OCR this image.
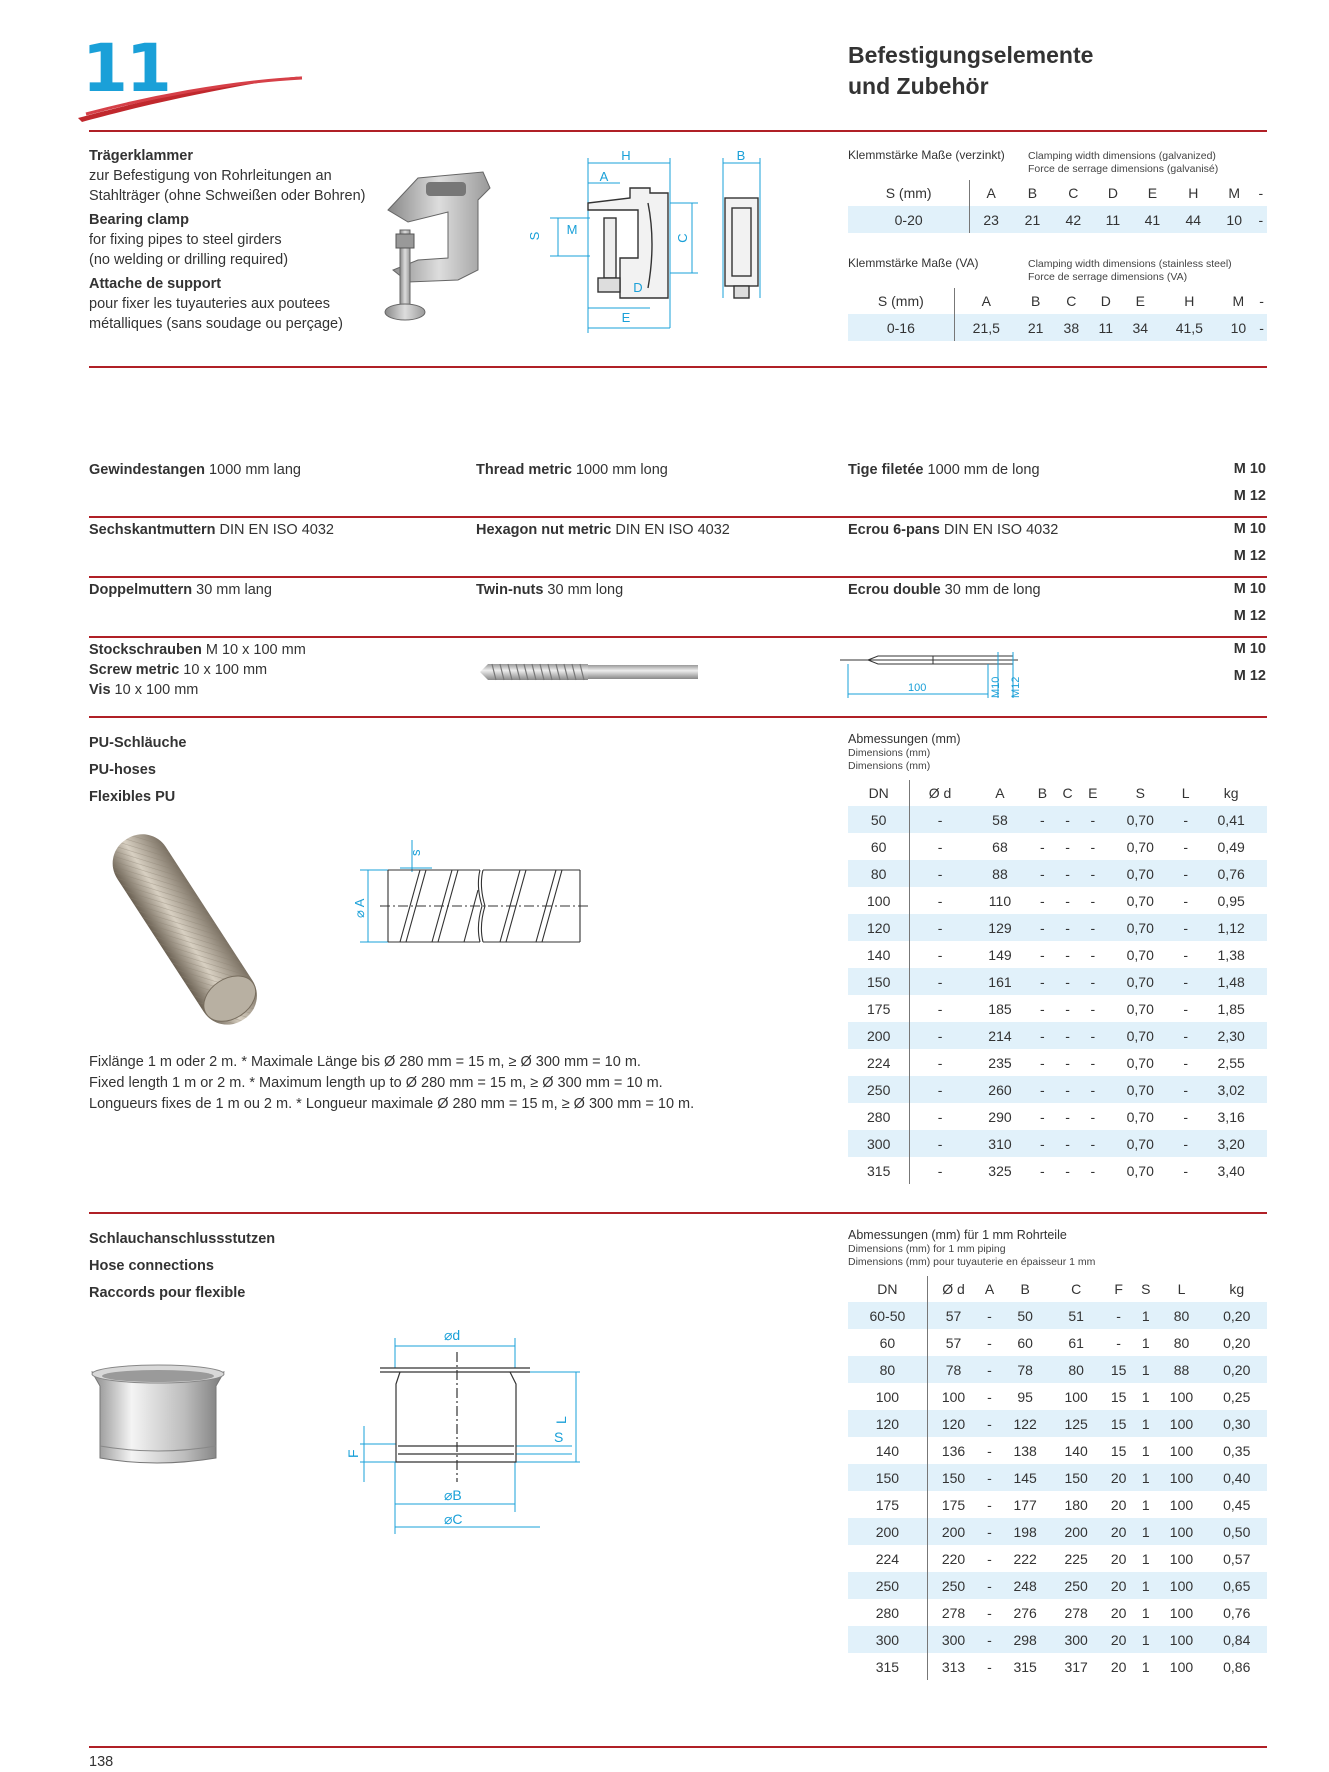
11	Befestigungselemente
und Zubehör
Trägerklammer
zur Befestigung von Rohrleitungen an
Stahlträger (ohne Schweißen oder Bohren)
Bearing clamp
for fixing pipes to steel girders
(no welding or drilling required)
Attache de support
pour fixer les tuyauteries aux poutees
métalliques (sans soudage ou perçage)
H
A
B
S M
C
D
E
Klemmstärke Maße (verzinkt) Clamping width dimensions (galvanized)
Force de serrage dimensions (galvanisé)
S (mm)	A	B	C	D	E	H	M	-
0-20	23	21	42	11	41	44	10	-
Klemmstärke Maße (VA)	Clamping width dimensions (stainless steel)
Force de serrage dimensions (VA)
S (mm)	A	B	C	D	E	H	M	-
0-16	21,5	21	38	11	34	41,5	10	-
Gewindestangen 1000 mm lang	Thread metric 1000 mm long	Tige filetée 1000 mm de long	M 10
M 12
Sechskantmuttern DIN EN ISO 4032	Hexagon nut metric DIN EN ISO 4032	Ecrou 6-pans DIN EN ISO 4032	M 10
M 12
Doppelmuttern 30 mm lang	Twin-nuts 30 mm long	Ecrou double 30 mm de long	M 10
M 12
Stockschrauben M 10 x 100 mm
Screw metric 10 x 100 mm
Vis 10 x 100 mm	100	M10 M12
M 10
M 12
PU-Schläuche
PU-hoses
Flexibles PU
s
⌀ A
Fixlänge 1 m oder 2 m. * Maximale Länge bis Ø 280 mm = 15 m, ≥ Ø 300 mm = 10 m.
Fixed length 1 m or 2 m. * Maximum length up to Ø 280 mm = 15 m, ≥ Ø 300 mm = 10 m.
Longueurs fixes de 1 m ou 2 m. * Longueur maximale Ø 280 mm = 15 m, ≥ Ø 300 mm = 10 m.
Abmessungen (mm)
Dimensions (mm)
Dimensions (mm)
DN	Ø d	A	B	C	E	S	L	kg
50	-	58	-	-	-	0,70	-	0,41
60	-	68	-	-	-	0,70	-	0,49
80	-	88	-	-	-	0,70	-	0,76
100	-	110	-	-	-	0,70	-	0,95
120	-	129	-	-	-	0,70	-	1,12
140	-	149	-	-	-	0,70	-	1,38
150	-	161	-	-	-	0,70	-	1,48
175	-	185	-	-	-	0,70	-	1,85
200	-	214	-	-	-	0,70	-	2,30
224	-	235	-	-	-	0,70	-	2,55
250	-	260	-	-	-	0,70	-	3,02
280	-	290	-	-	-	0,70	-	3,16
300	-	310	-	-	-	0,70	-	3,20
315	-	325	-	-	-	0,70	-	3,40
Schlauchanschlussstutzen
Hose connections
Raccords pour flexible
⌀d
L
S
F
⌀B
⌀C
Abmessungen (mm) für 1 mm Rohrteile
Dimensions (mm) for 1 mm piping
Dimensions (mm) pour tuyauterie en épaisseur 1 mm
DN	Ø d	A	B	C	F	S	L	kg
60-50	57	-	50	51	-	1	80	0,20
60	57	-	60	61	-	1	80	0,20
80	78	-	78	80	15	1	88	0,20
100	100	-	95	100	15	1	100	0,25
120	120	-	122	125	15	1	100	0,30
140	136	-	138	140	15	1	100	0,35
150	150	-	145	150	20	1	100	0,40
175	175	-	177	180	20	1	100	0,45
200	200	-	198	200	20	1	100	0,50
224	220	-	222	225	20	1	100	0,57
250	250	-	248	250	20	1	100	0,65
280	278	-	276	278	20	1	100	0,76
300	300	-	298	300	20	1	100	0,84
315	313	-	315	317	20	1	100	0,86
138
